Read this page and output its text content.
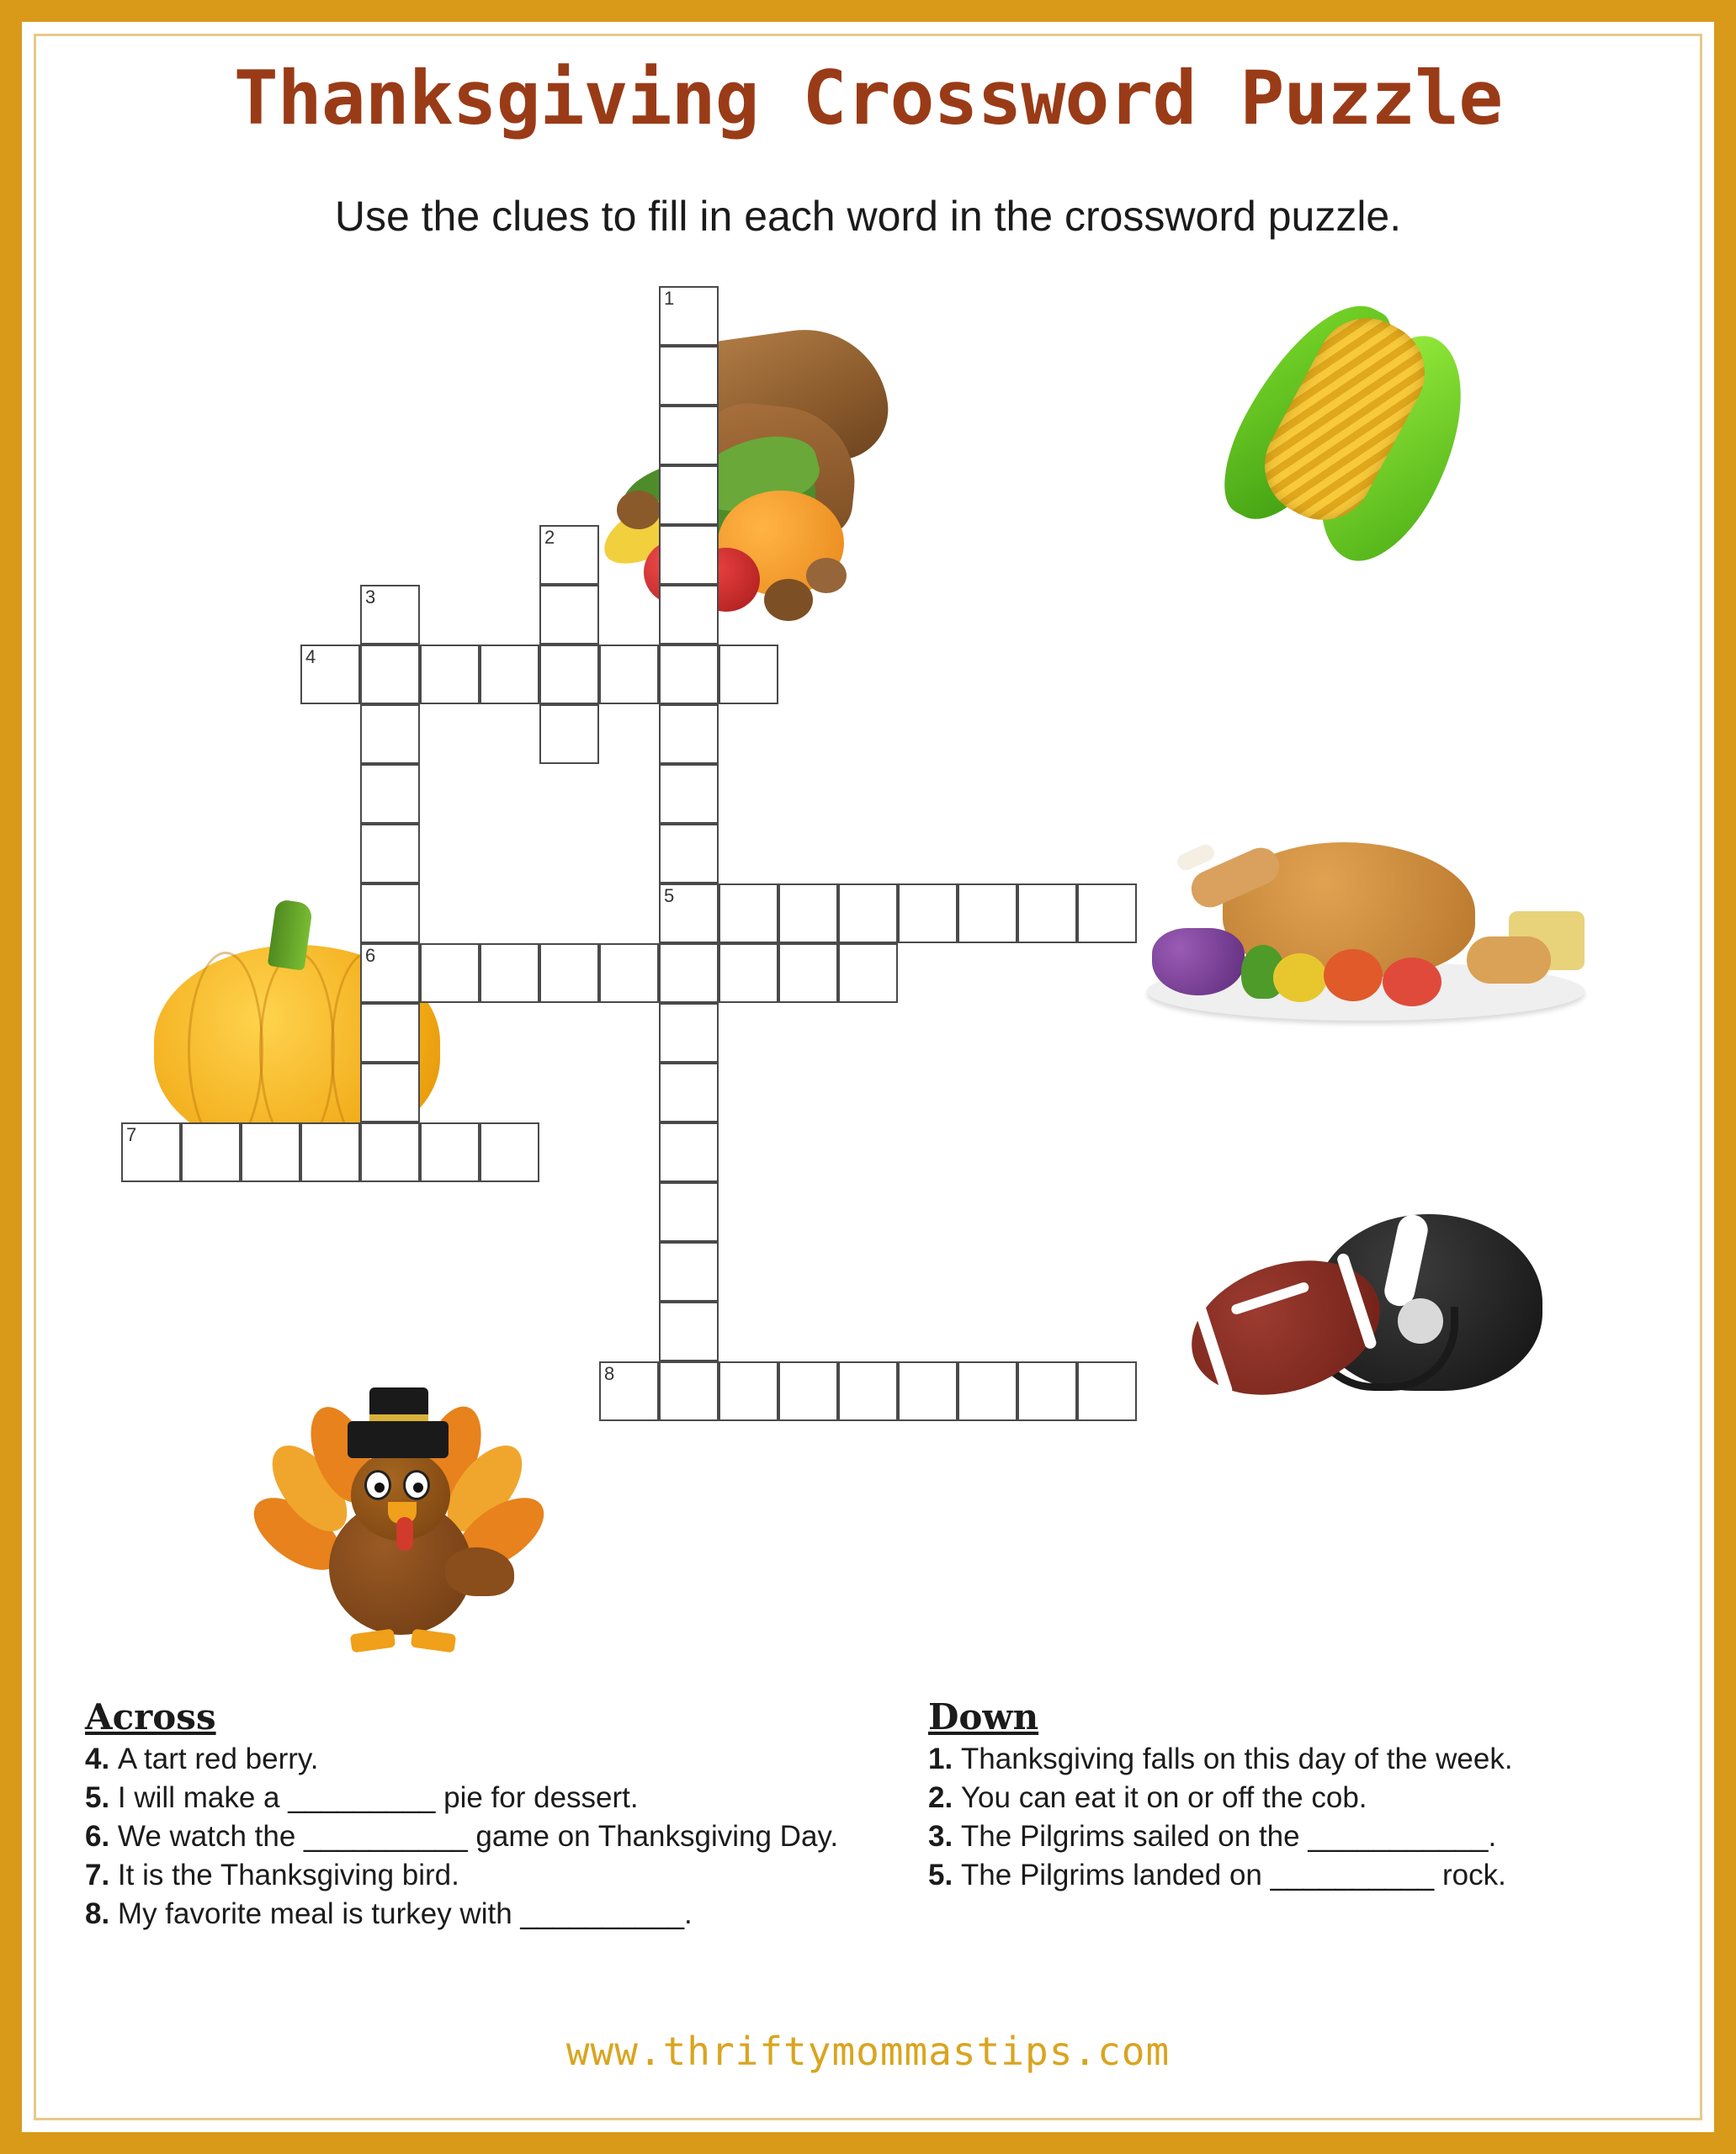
Thanksgiving Crossword Puzzle
Use the clues to fill in each word in the crossword puzzle.
1
5
2
3
6
4
7
8
Across
4. A tart red berry.
5. I will make a _________ pie for dessert.
6. We watch the __________ game on Thanksgiving Day.
7. It is the Thanksgiving bird.
8. My favorite meal is turkey with __________.
Down
1. Thanksgiving falls on this day of the week.
2. You can eat it on or off the cob.
3. The Pilgrims sailed on the ___________.
5. The Pilgrims landed on __________ rock.
www.thriftymommastips.com
